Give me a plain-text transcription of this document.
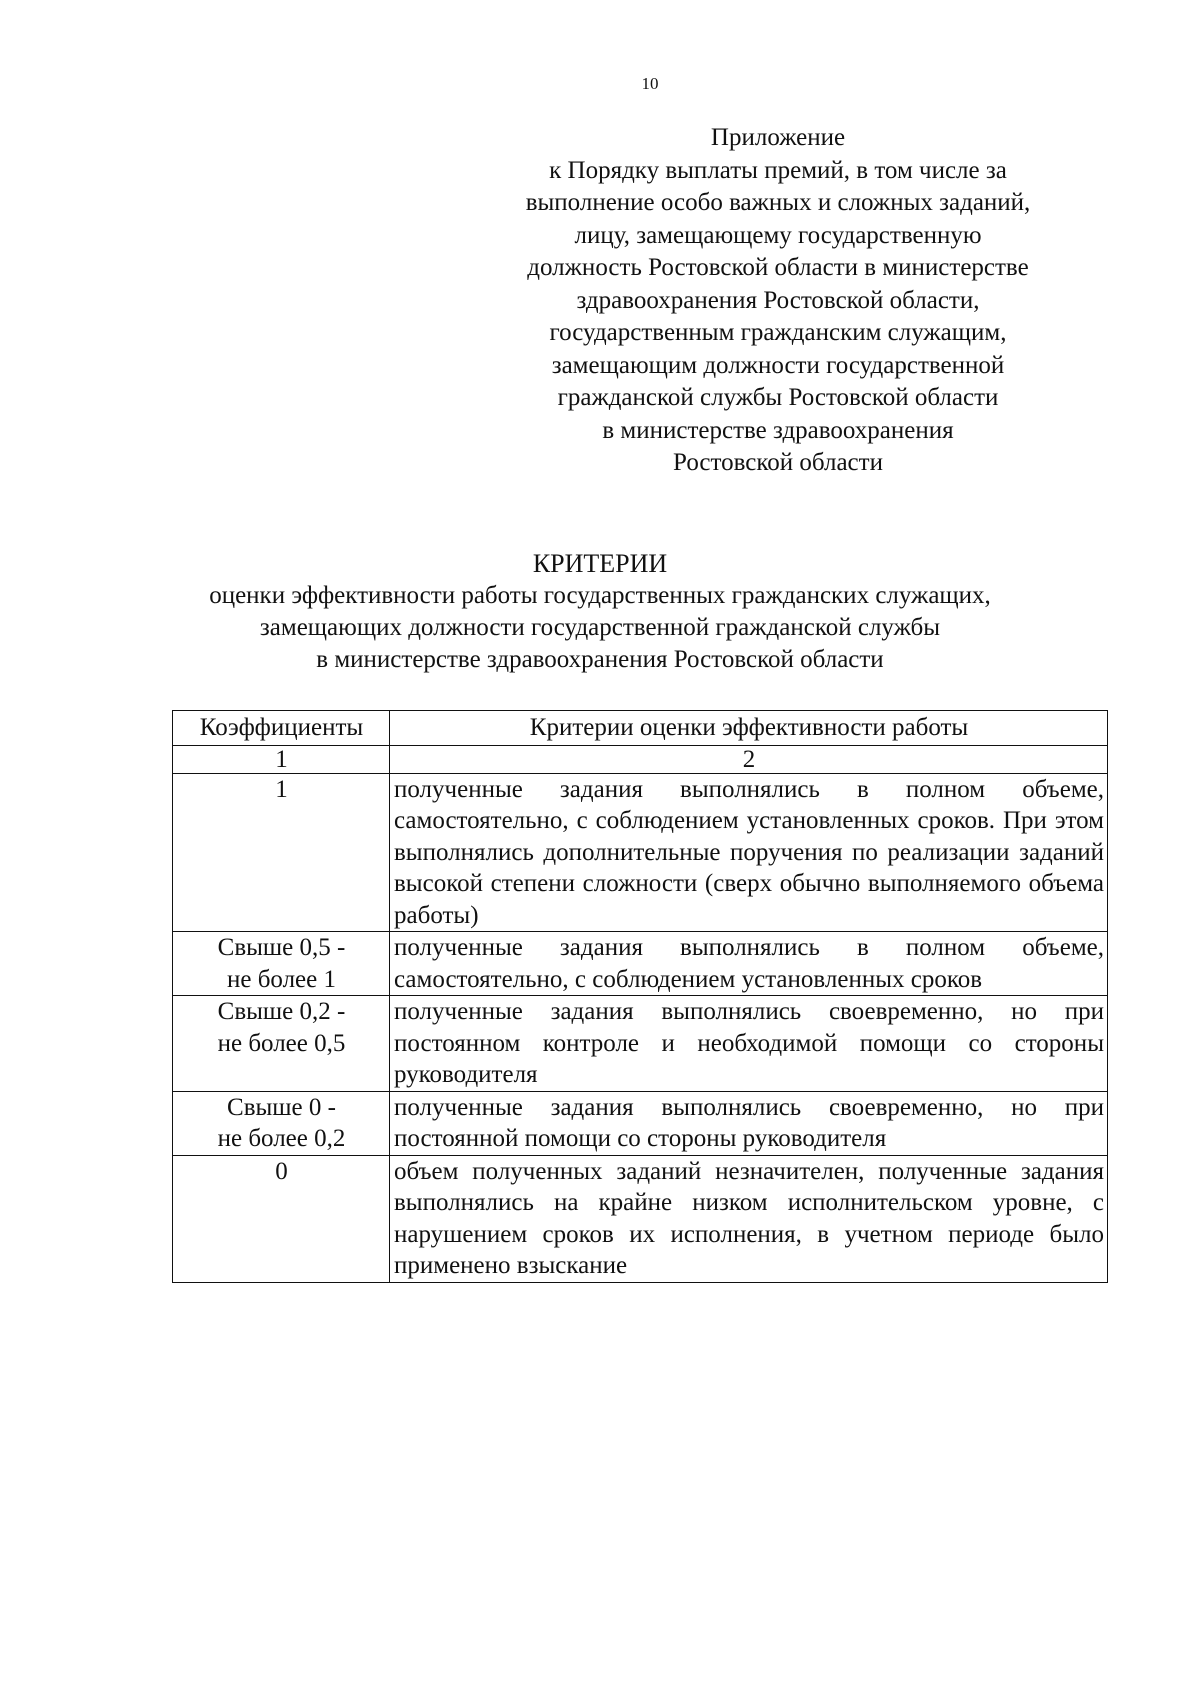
10
Приложение
к Порядку выплаты премий, в том числе за
выполнение особо важных и сложных заданий,
лицу, замещающему государственную
должность Ростовской области в министерстве
здравоохранения Ростовской области,
государственным гражданским служащим,
замещающим должности государственной
гражданской службы Ростовской области
в министерстве здравоохранения
Ростовской области
КРИТЕРИИ
оценки эффективности работы государственных гражданских служащих,
замещающих должности государственной гражданской службы
в министерстве здравоохранения Ростовской области
Коэффициенты	Критерии оценки эффективности работы
1	2

1	полученные задания выполнялись в полном объеме, самостоятельно, с соблюдением установленных сроков. При этом выполнялись дополнительные поручения по реализации заданий высокой степени сложности (сверх обычно выполняемого объема работы)

Свыше 0,5 -
не более 1	полученные задания выполнялись в полном объеме, самостоятельно, с соблюдением установленных сроков

Свыше 0,2 -
не более 0,5	полученные задания выполнялись своевременно, но при постоянном контроле и необходимой помощи со стороны руководителя

Свыше 0 -
не более 0,2	полученные задания выполнялись своевременно, но при постоянной помощи со стороны руководителя

0	объем полученных заданий незначителен, полученные задания выполнялись на крайне низком исполнительском уровне, с нарушением сроков их исполнения, в учетном периоде было применено взыскание
